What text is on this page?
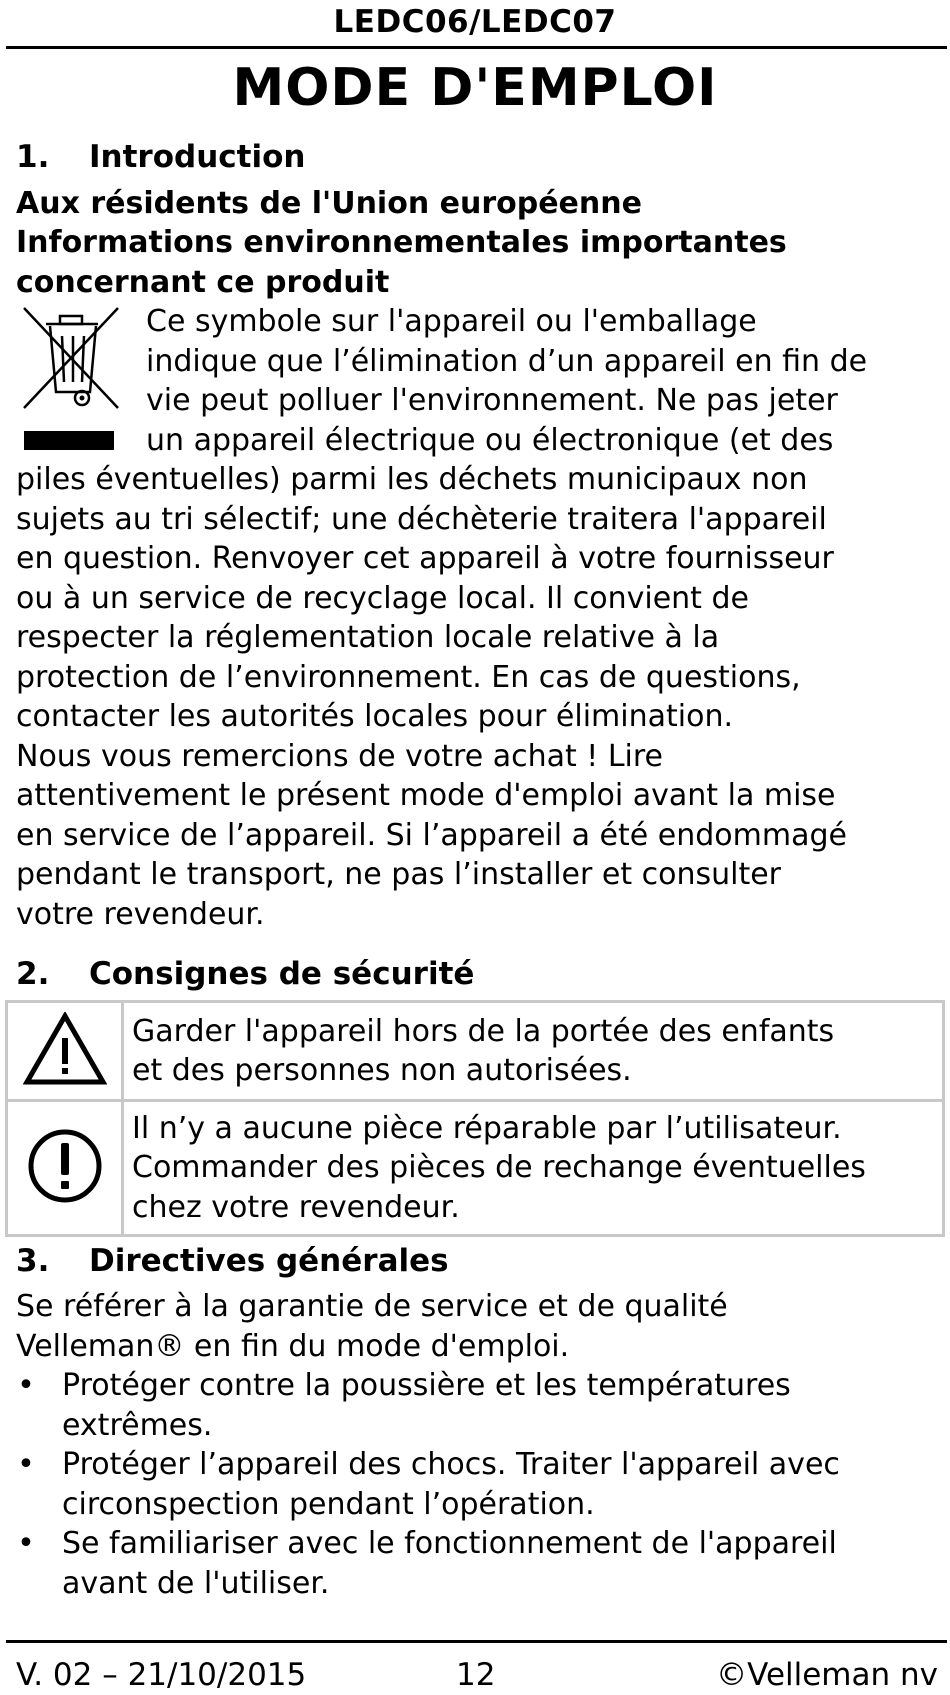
LEDC06/LEDC07
MODE D'EMPLOI
1. Introduction
Aux résidents de l'Union européenne
Informations environnementales importantes
concernant ce produit
Ce symbole sur l'appareil ou l'emballage
indique que l’élimination d’un appareil en fin de
vie peut polluer l'environnement. Ne pas jeter
un appareil électrique ou électronique (et des
piles éventuelles) parmi les déchets municipaux non
sujets au tri sélectif; une déchèterie traitera l'appareil
en question. Renvoyer cet appareil à votre fournisseur
ou à un service de recyclage local. Il convient de
respecter la réglementation locale relative à la
protection de l’environnement. En cas de questions,
contacter les autorités locales pour élimination.
Nous vous remercions de votre achat ! Lire
attentivement le présent mode d'emploi avant la mise
en service de l’appareil. Si l’appareil a été endommagé
pendant le transport, ne pas l’installer et consulter
votre revendeur.
2. Consignes de sécurité

Garder l'appareil hors de la portée des enfants
et des personnes non autorisées.

Il n’y a aucune pièce réparable par l’utilisateur.
Commander des pièces de rechange éventuelles
chez votre revendeur.
3. Directives générales
Se référer à la garantie de service et de qualité
Velleman® en fin du mode d'emploi.
• Protéger contre la poussière et les températures
extrêmes.
• Protéger l’appareil des chocs. Traiter l'appareil avec
circonspection pendant l’opération.
• Se familiariser avec le fonctionnement de l'appareil
avant de l'utiliser.
V. 02 – 21/10/2015	12	©Velleman nv
